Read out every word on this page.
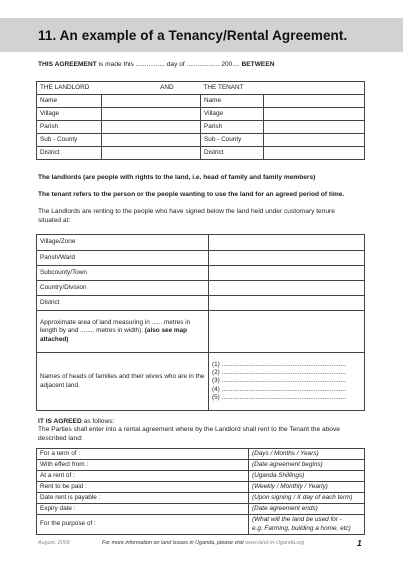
11. An example of a Tenancy/Rental Agreement.
THIS AGREEMENT is made this ................ day of .................. 200.... BETWEEN
THE LANDLORD AND		THE TENANT	
Name		Name	
Village		Village	
Parish		Parish	
Sub - County		Sub - County	
District		District	
The landlords (are people with rights to the land, i.e. head of family and family members)
The tenant refers to the person or the people wanting to use the land for an agreed period of time.
The Landlords are renting to the people who have signed below the land held under customary tenure situated at:
Village/Zone	
Parish/Ward	
Subcounty/Town	
Country/Division	
District	
Approximate area of land measuring in ...... metres in length by and ........ metres in width). (also see map attached)	
Names of heads of families and their wivws who are in the adjacent land.	(1) ......................................................................
(2) ......................................................................
(3) ......................................................................
(4) ......................................................................
(5) ......................................................................
IT IS AGREED as follows:
The Parties shall enter into a rental agreement where by the Landlord shall rent to the Tenant the above described land:
For a term of :	(Days / Months / Years)
With effect from :	(Date agreement begins)
At a rent of :	(Uganda Shillings)
Rent to be paid :	(Weekly / Monthly / Yearly)
Date rent is payable :	(Upon signing / X day of each term)
Expiry date :	(Date agreement ends)
For the purpose of :	(What will the land be used for -
e.g. Farming, building a home, etc)
August, 2009	For more information on land issues in Uganda, please visit www.land-in-Uganda.org	1
